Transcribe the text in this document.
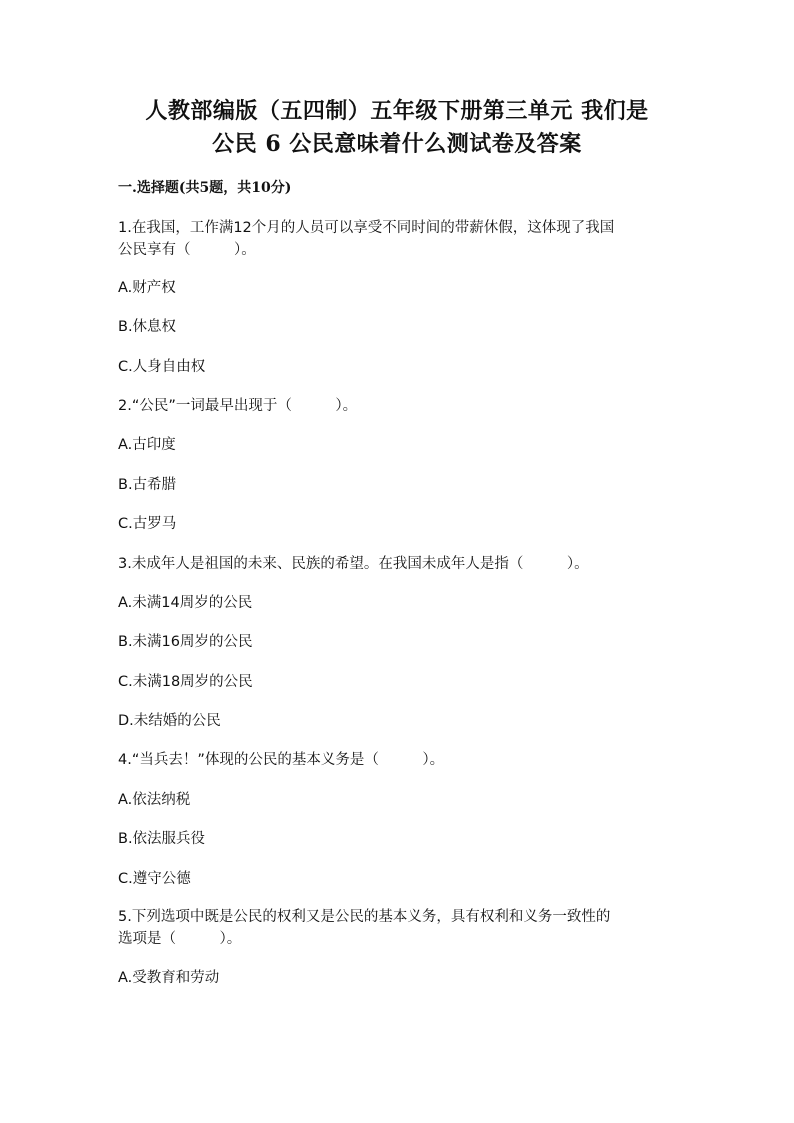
人教部编版（五四制）五年级下册第三单元 我们是
公民 6 公民意味着什么测试卷及答案
一.选择题(共5题，共10分)
1.在我国，工作满12个月的人员可以享受不同时间的带薪休假，这体现了我国
公民享有（　　　）。
A.财产权
B.休息权
C.人身自由权
2.“公民”一词最早出现于（　　　）。
A.古印度
B.古希腊
C.古罗马
3.未成年人是祖国的未来、民族的希望。在我国未成年人是指（　　　）。
A.未满14周岁的公民
B.未满16周岁的公民
C.未满18周岁的公民
D.未结婚的公民
4.“当兵去！”体现的公民的基本义务是（　　　）。
A.依法纳税
B.依法服兵役
C.遵守公德
5.下列选项中既是公民的权利又是公民的基本义务，具有权利和义务一致性的
选项是（　　　）。
A.受教育和劳动
